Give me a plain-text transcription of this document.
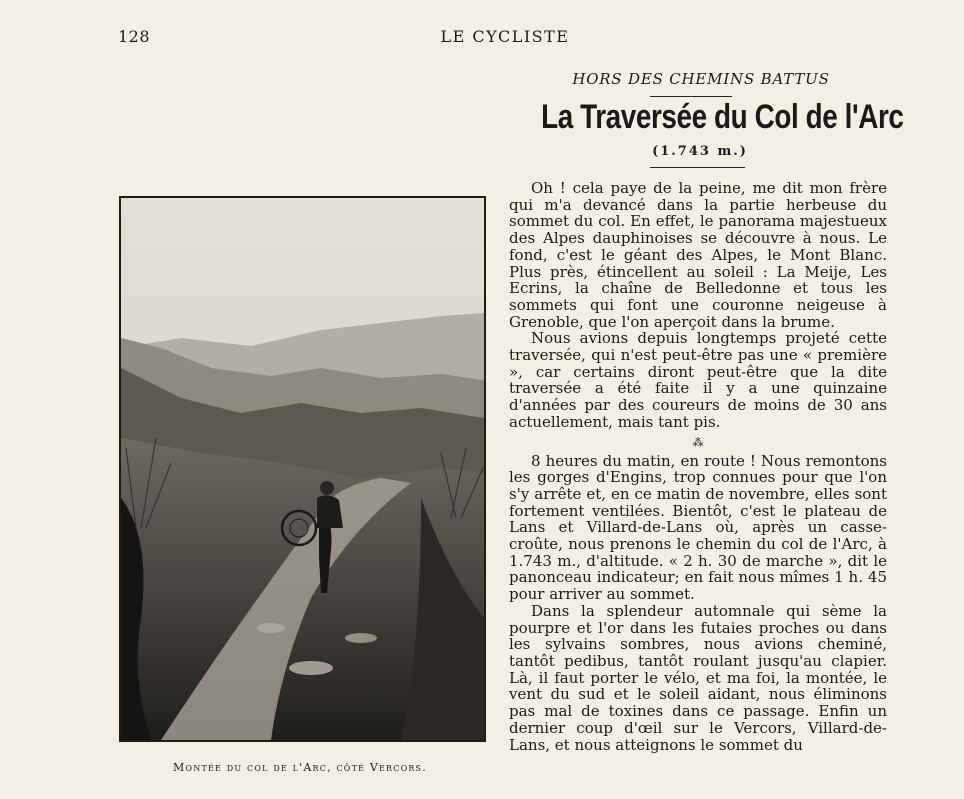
128	LE CYCLISTE
HORS DES CHEMINS BATTUS
La Traversée du Col de l'Arc
(1.743 m.)
Montée du col de l'Arc, côté Vercors.

Oh ! cela paye de la peine, me dit mon frère qui m'a devancé dans la partie herbeuse du sommet du col. En effet, le panorama majestueux des Alpes dauphinoises se découvre à nous. Le fond, c'est le géant des Alpes, le Mont Blanc. Plus près, étincellent au soleil : La Meije, Les Ecrins, la chaîne de Belledonne et tous les sommets qui font une couronne neigeuse à Grenoble, que l'on aperçoit dans la brume.

Nous avions depuis longtemps projeté cette traversée, qui n'est peut-être pas une « première », car certains diront peut-être que la dite traversée a été faite il y a une quinzaine d'années par des coureurs de moins de 30 ans actuellement, mais tant pis.

⁂

8 heures du matin, en route ! Nous remontons les gorges d'Engins, trop connues pour que l'on s'y arrête et, en ce matin de novembre, elles sont fortement ventilées. Bientôt, c'est le plateau de Lans et Villard-de-Lans où, après un casse-croûte, nous prenons le chemin du col de l'Arc, à 1.743 m., d'altitude. « 2 h. 30 de marche », dit le panonceau indicateur; en fait nous mîmes 1 h. 45 pour arriver au sommet.

Dans la splendeur automnale qui sème la pourpre et l'or dans les futaies proches ou dans les sylvains sombres, nous avions cheminé, tantôt pedibus, tantôt roulant jusqu'au clapier. Là, il faut porter le vélo, et ma foi, la montée, le vent du sud et le soleil aidant, nous éliminons pas mal de toxines dans ce passage. Enfin un dernier coup d'œil sur le Vercors, Villard-de-Lans, et nous atteignons le sommet du
